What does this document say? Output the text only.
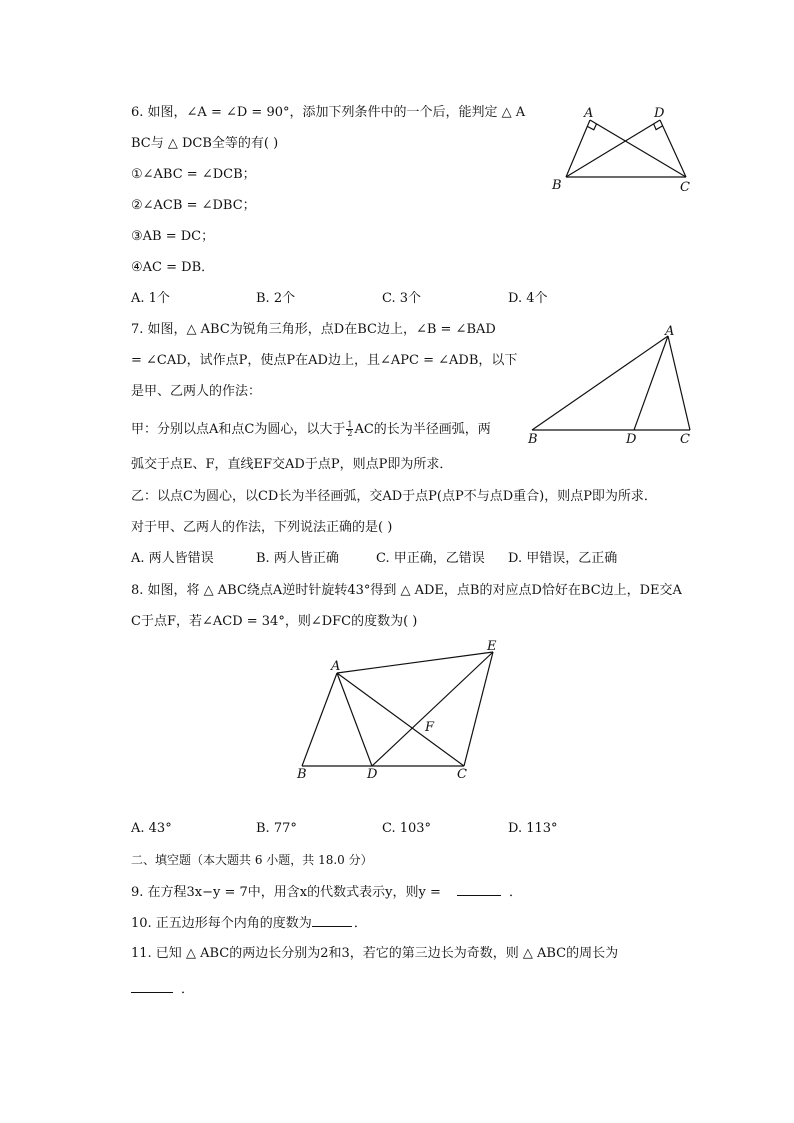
6. 如图，∠A = ∠D = 90°，添加下列条件中的一个后，能判定 △ A
BC与 △ DCB全等的有( )
①∠ABC = ∠DCB；
②∠ACB = ∠DBC；
③AB = DC；
④AC = DB．
A. 1个	B. 2个	C. 3个	D. 4个
A	D
B	C
7. 如图，△ ABC为锐角三角形，点D在BC边上，∠B = ∠BAD
= ∠CAD，试作点P，使点P在AD边上，且∠APC = ∠ADB，以下
是甲、乙两人的作法：
甲：分别以点A和点C为圆心，以大于 $\frac{1}{2}$ AC的长为半径画弧，两
弧交于点E、F，直线EF交AD于点P，则点P即为所求．
乙：以点C为圆心，以CD长为半径画弧，交AD于点P(点P不与点D重合)，则点P即为所求．
对于甲、乙两人的作法，下列说法正确的是( )
A. 两人皆错误	B. 两人皆正确	C. 甲正确，乙错误 D. 甲错误，乙正确
A
B	D	C
8. 如图，将 △ ABC绕点A逆时针旋转43°得到 △ ADE，点B的对应点D恰好在BC边上，DE交A
C于点F，若∠ACD = 34°，则∠DFC的度数为( )
A
E
F
B	D	C
A. 43°	B. 77°	C. 103°	D. 113°
二、填空题（本大题共 6 小题，共 18.0 分）
9. 在方程3x−y = 7中，用含x的代数式表示y，则y =	．
10. 正五边形每个内角的度数为	．
11. 已知 △ ABC的两边长分别为2和3，若它的第三边长为奇数，则 △ ABC的周长为
．
